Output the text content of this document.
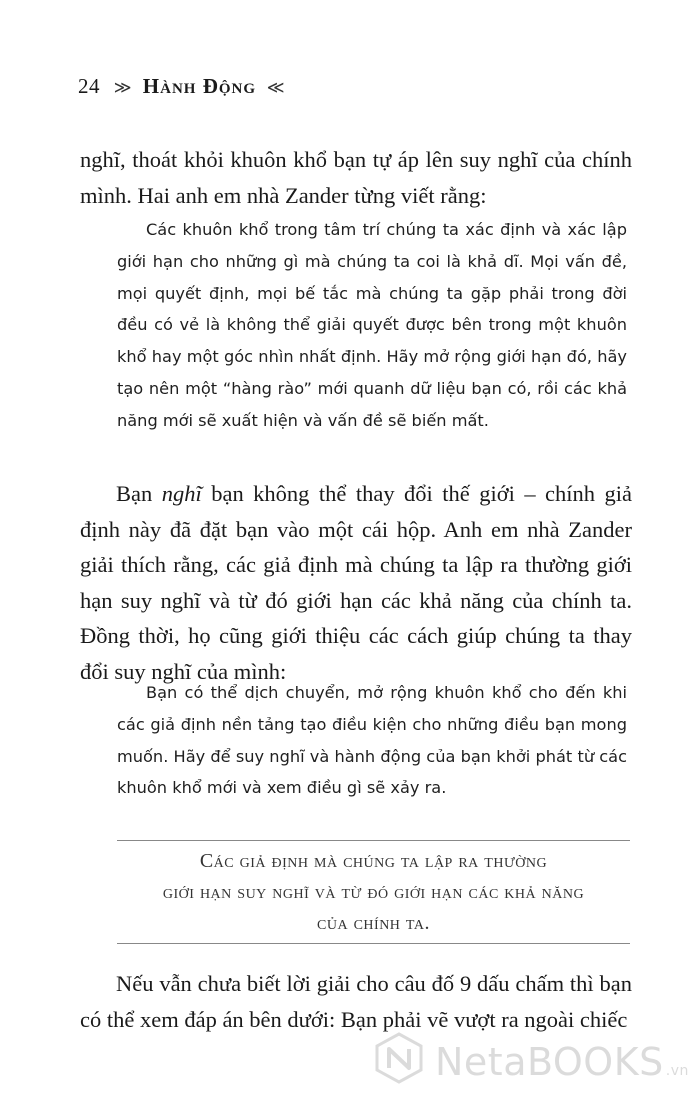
24 ≫ Hành Động ≪

nghĩ, thoát khỏi khuôn khổ bạn tự áp lên suy nghĩ của chính mình. Hai anh em nhà Zander từng viết rằng:

Các khuôn khổ trong tâm trí chúng ta xác định và xác lập giới hạn cho những gì mà chúng ta coi là khả dĩ. Mọi vấn đề, mọi quyết định, mọi bế tắc mà chúng ta gặp phải trong đời đều có vẻ là không thể giải quyết được bên trong một khuôn khổ hay một góc nhìn nhất định. Hãy mở rộng giới hạn đó, hãy tạo nên một “hàng rào” mới quanh dữ liệu bạn có, rồi các khả năng mới sẽ xuất hiện và vấn đề sẽ biến mất.

Bạn nghĩ bạn không thể thay đổi thế giới – chính giả định này đã đặt bạn vào một cái hộp. Anh em nhà Zander giải thích rằng, các giả định mà chúng ta lập ra thường giới hạn suy nghĩ và từ đó giới hạn các khả năng của chính ta. Đồng thời, họ cũng giới thiệu các cách giúp chúng ta thay đổi suy nghĩ của mình:

Bạn có thể dịch chuyển, mở rộng khuôn khổ cho đến khi các giả định nền tảng tạo điều kiện cho những điều bạn mong muốn. Hãy để suy nghĩ và hành động của bạn khởi phát từ các khuôn khổ mới và xem điều gì sẽ xảy ra.

Các giả định mà chúng ta lập ra thường
giới hạn suy nghĩ và từ đó giới hạn các khả năng
của chính ta.

Nếu vẫn chưa biết lời giải cho câu đố 9 dấu chấm thì bạn có thể xem đáp án bên dưới: Bạn phải vẽ vượt ra ngoài chiếc

NetaBOOKS .vn
